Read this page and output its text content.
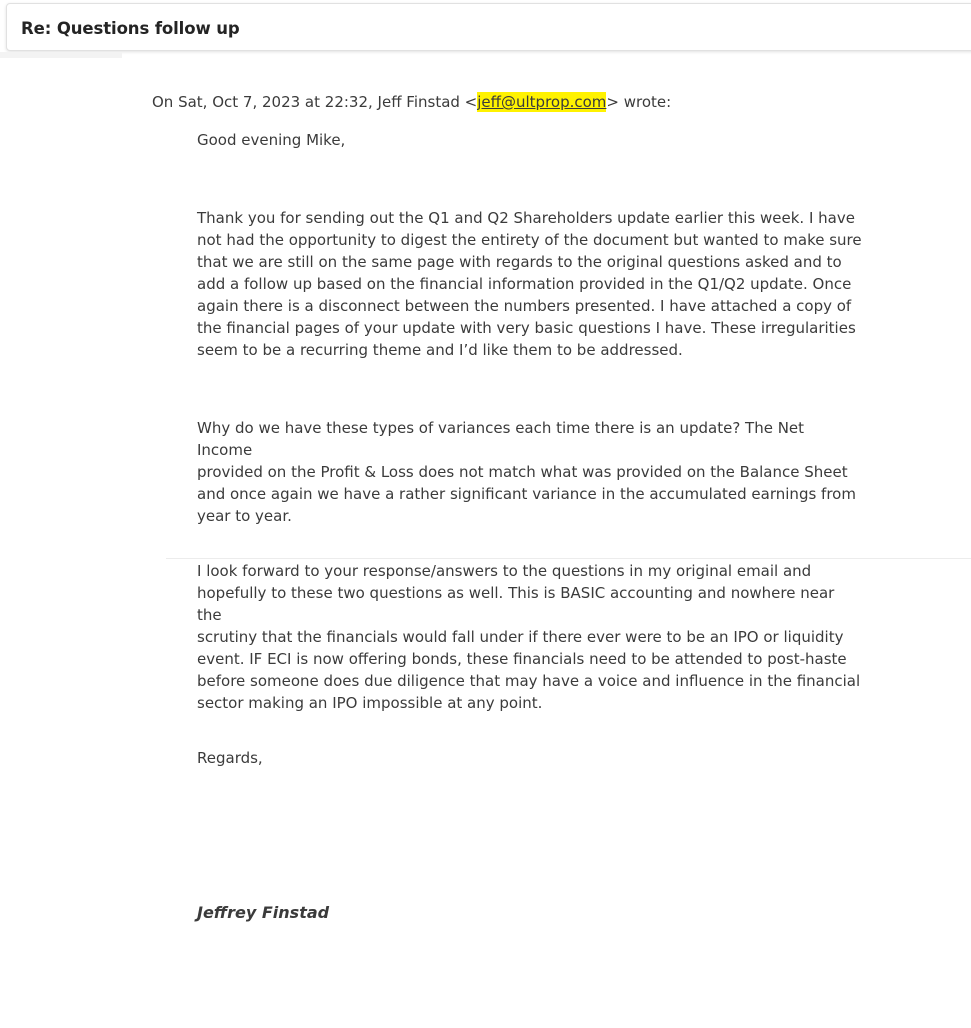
Re: Questions follow up
On Sat, Oct 7, 2023 at 22:32, Jeff Finstad <jeff@ultprop.com> wrote:
Good evening Mike,
Thank you for sending out the Q1 and Q2 Shareholders update earlier this week. I have
not had the opportunity to digest the entirety of the document but wanted to make sure
that we are still on the same page with regards to the original questions asked and to
add a follow up based on the financial information provided in the Q1/Q2 update. Once
again there is a disconnect between the numbers presented. I have attached a copy of
the financial pages of your update with very basic questions I have. These irregularities
seem to be a recurring theme and I’d like them to be addressed.
Why do we have these types of variances each time there is an update? The Net Income
provided on the Profit & Loss does not match what was provided on the Balance Sheet
and once again we have a rather significant variance in the accumulated earnings from
year to year.
I look forward to your response/answers to the questions in my original email and
hopefully to these two questions as well. This is BASIC accounting and nowhere near the
scrutiny that the financials would fall under if there ever were to be an IPO or liquidity
event. IF ECI is now offering bonds, these financials need to be attended to post-haste
before someone does due diligence that may have a voice and influence in the financial
sector making an IPO impossible at any point.
Regards,
Jeffrey Finstad
